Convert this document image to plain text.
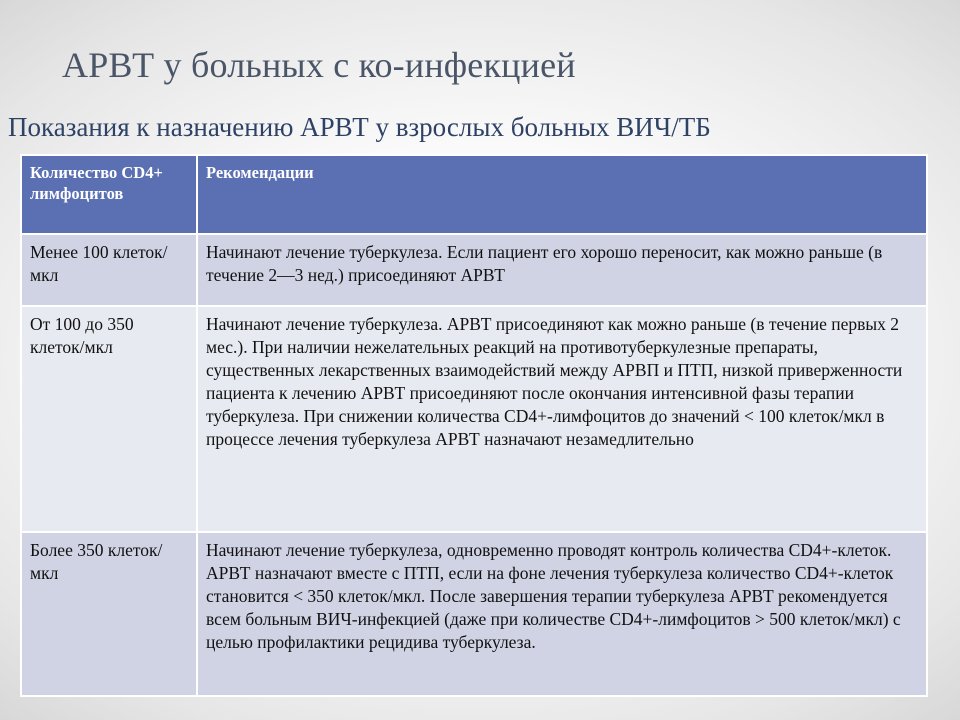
АРВТ у больных с ко-инфекцией
Показания к назначению АРВТ у взрослых больных ВИЧ/ТБ
Количество CD4+ лимфоцитов	Рекомендации
Менее 100 клеток/мкл	Начинают лечение туберкулеза. Если пациент его хорошо переносит, как можно раньше (в течение 2—3 нед.) присоединяют АРВТ
От 100 до 350 клеток/мкл	Начинают лечение туберкулеза. АРВТ присоединяют как можно раньше (в течение первых 2 мес.). При наличии нежелательных реакций на противотуберкулезные препараты, существенных лекарственных взаимодействий между АРВП и ПТП, низкой приверженности пациента к лечению АРВТ присоединяют после окончания интенсивной фазы терапии туберкулеза. При снижении количества CD4+-лимфоцитов до значений < 100 клеток/мкл в процессе лечения туберкулеза АРВТ назначают незамедлительно
Более 350 клеток/мкл	Начинают лечение туберкулеза, одновременно проводят контроль количества CD4+-клеток. АРВТ назначают вместе с ПТП, если на фоне лечения туберкулеза количество CD4+-клеток становится < 350 клеток/мкл. После завершения терапии туберкулеза АРВТ рекомендуется всем больным ВИЧ-инфекцией (даже при количестве CD4+-лимфоцитов > 500 клеток/мкл) с целью профилактики рецидива туберкулеза.
